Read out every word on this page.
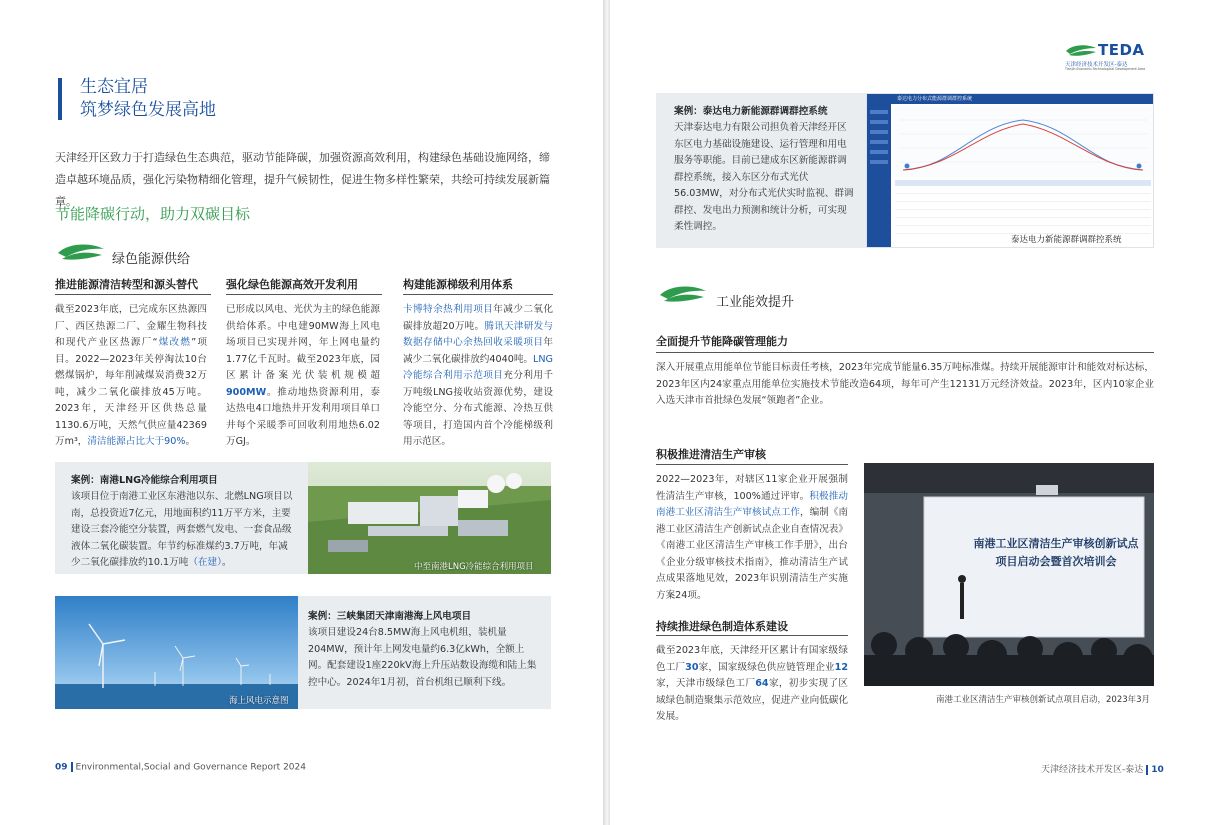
生态宜居
筑梦绿色发展高地
天津经开区致力于打造绿色生态典范，驱动节能降碳，加强资源高效利用，构建绿色基础设施网络，缔造卓越环境品质，强化污染物精细化管理，提升气候韧性，促进生物多样性繁荣，共绘可持续发展新篇章。
节能降碳行动，助力双碳目标
绿色能源供给
推进能源清洁转型和源头替代
截至2023年底，已完成东区热源四厂、西区热源二厂、金耀生物科技和现代产业区热源厂“煤改燃”项目。2022—2023年关停淘汰10台燃煤锅炉，每年削减煤炭消费32万吨，减少二氧化碳排放45万吨。2023年，天津经开区供热总量1130.6万吨，天然气供应量42369万m³，清洁能源占比大于90%。
强化绿色能源高效开发利用
已形成以风电、光伏为主的绿色能源供给体系。中电建90MW海上风电场项目已实现并网，年上网电量约1.77亿千瓦时。截至2023年底，园区累计备案光伏装机规模超900MW。推动地热资源利用，泰达热电4口地热井开发利用项目单口井每个采暖季可回收利用地热6.02万GJ。
构建能源梯级利用体系
卡博特余热利用项目年减少二氧化碳排放超20万吨。腾讯天津研发与数据存储中心余热回收采暖项目年减少二氧化碳排放约4040吨。LNG冷能综合利用示范项目充分利用千万吨级LNG接收站资源优势，建设冷能空分、分布式能源、冷热互供等项目，打造国内首个冷能梯级利用示范区。
案例：南港LNG冷能综合利用项目
该项目位于南港工业区东港池以东、北燃LNG项目以南，总投资近7亿元，用地面积约11万平方米，主要建设三套冷能空分装置，两套燃气发电、一套食品级液体二氧化碳装置。年节约标准煤约3.7万吨，年减少二氧化碳排放约10.1万吨（在建）。	中至南港LNG冷能综合利用项目
海上风电示意图
案例：三峡集团天津南港海上风电项目
该项目建设24台8.5MW海上风电机组，装机量204MW，预计年上网发电量约6.3亿kWh，全额上网。配套建设1座220kV海上升压站数设海缆和陆上集控中心。2024年1月初，首台机组已顺利下线。
09 Environmental,Social and Governance Report 2024
TEDA
天津经济技术开发区-泰达
Tianjin Economic-Technological Development Area
案例：泰达电力新能源群调群控系统
天津泰达电力有限公司担负着天津经开区东区电力基础设施建设、运行管理和用电服务等职能。目前已建成东区新能源群调群控系统，接入东区分布式光伏56.03MW，对分布式光伏实时监视、群调群控、发电出力预测和统计分析，可实现柔性调控。
泰达电力分布式能源群调群控系统
泰达电力新能源群调群控系统
工业能效提升
全面提升节能降碳管理能力
深入开展重点用能单位节能目标责任考核，2023年完成节能量6.35万吨标准煤。持续开展能源审计和能效对标达标，2023年区内24家重点用能单位实施技术节能改造64项，每年可产生12131万元经济效益。2023年，区内10家企业入选天津市首批绿色发展“领跑者”企业。
积极推进清洁生产审核
2022—2023年，对辖区11家企业开展强制性清洁生产审核，100%通过评审。积极推动南港工业区清洁生产审核试点工作，编制《南港工业区清洁生产创新试点企业自查情况表》《南港工业区清洁生产审核工作手册》，出台《企业分级审核技术指南》，推动清洁生产试点成果落地见效，2023年识别清洁生产实施方案24项。
持续推进绿色制造体系建设
截至2023年底，天津经开区累计有国家级绿色工厂30家，国家级绿色供应链管理企业12家，天津市级绿色工厂64家，初步实现了区域绿色制造聚集示范效应，促进产业向低碳化发展。
南港工业区清洁生产审核创新试点
项目启动会暨首次培训会
南港工业区清洁生产审核创新试点项目启动，2023年3月
天津经济技术开发区-泰达 10
